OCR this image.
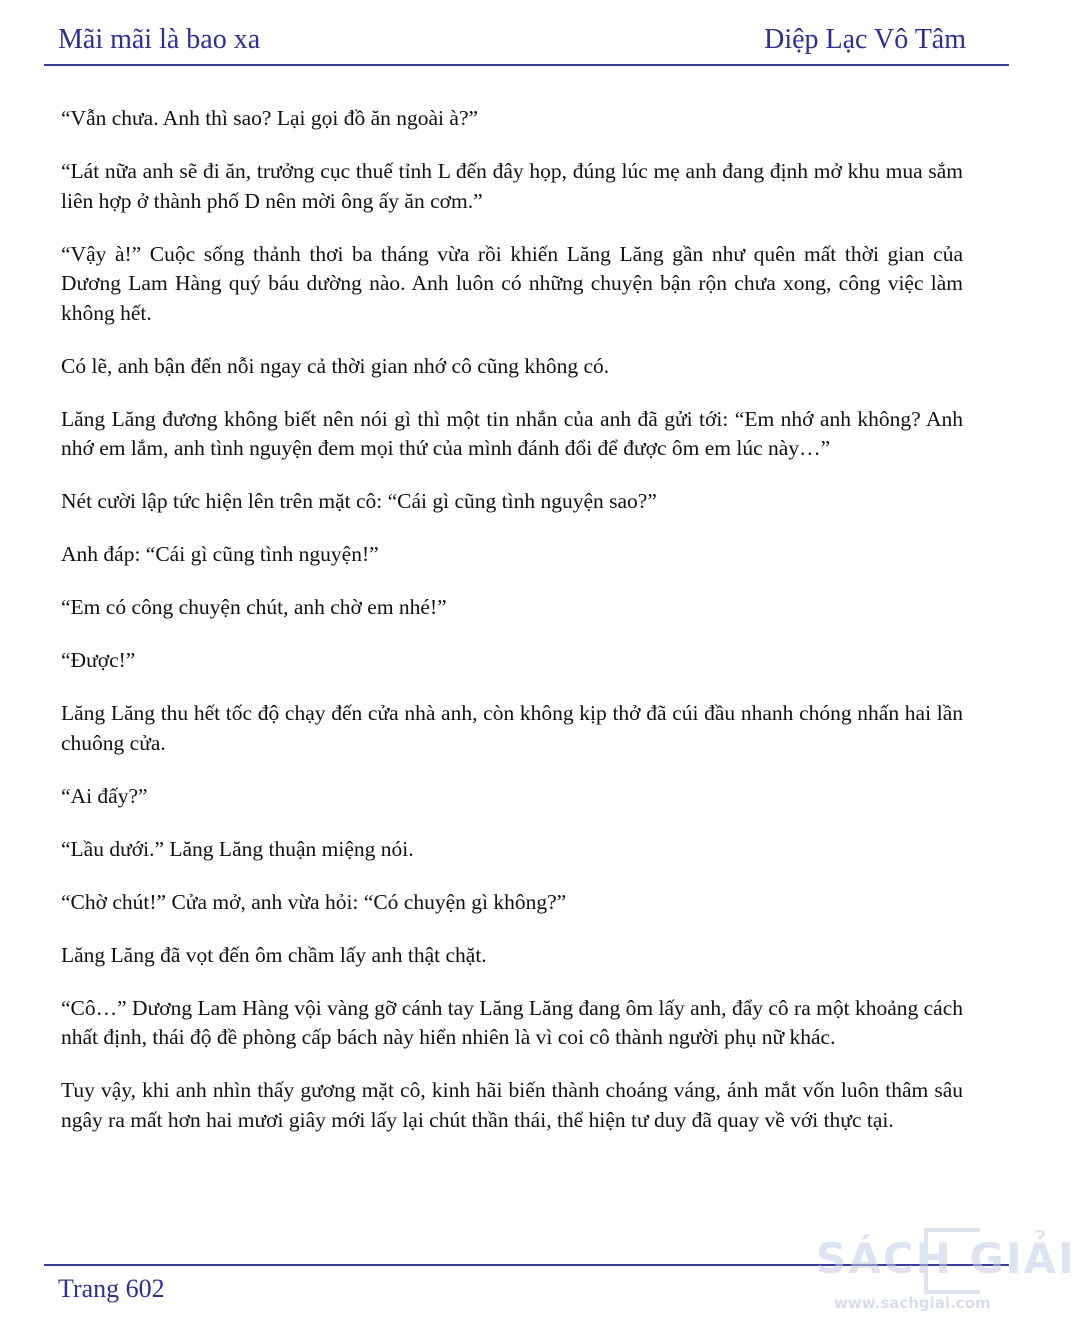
Mãi mãi là bao xa	Diệp Lạc Vô Tâm

“Vẫn chưa. Anh thì sao? Lại gọi đồ ăn ngoài à?”

“Lát nữa anh sẽ đi ăn, trưởng cục thuế tỉnh L đến đây họp, đúng lúc mẹ anh đang định mở khu mua sắm liên hợp ở thành phố D nên mời ông ấy ăn cơm.”

“Vậy à!” Cuộc sống thảnh thơi ba tháng vừa rồi khiến Lăng Lăng gần như quên mất thời gian của Dương Lam Hàng quý báu dường nào. Anh luôn có những chuyện bận rộn chưa xong, công việc làm không hết.

Có lẽ, anh bận đến nỗi ngay cả thời gian nhớ cô cũng không có.

Lăng Lăng đương không biết nên nói gì thì một tin nhắn của anh đã gửi tới: “Em nhớ anh không? Anh nhớ em lắm, anh tình nguyện đem mọi thứ của mình đánh đổi để được ôm em lúc này…”

Nét cười lập tức hiện lên trên mặt cô: “Cái gì cũng tình nguyện sao?”

Anh đáp: “Cái gì cũng tình nguyện!”

“Em có công chuyện chút, anh chờ em nhé!”

“Được!”

Lăng Lăng thu hết tốc độ chạy đến cửa nhà anh, còn không kịp thở đã cúi đầu nhanh chóng nhấn hai lần chuông cửa.

“Ai đấy?”

“Lầu dưới.” Lăng Lăng thuận miệng nói.

“Chờ chút!” Cửa mở, anh vừa hỏi: “Có chuyện gì không?”

Lăng Lăng đã vọt đến ôm chầm lấy anh thật chặt.

“Cô…” Dương Lam Hàng vội vàng gỡ cánh tay Lăng Lăng đang ôm lấy anh, đẩy cô ra một khoảng cách nhất định, thái độ đề phòng cấp bách này hiển nhiên là vì coi cô thành người phụ nữ khác.

Tuy vậy, khi anh nhìn thấy gương mặt cô, kinh hãi biến thành choáng váng, ánh mắt vốn luôn thâm sâu ngây ra mất hơn hai mươi giây mới lấy lại chút thần thái, thể hiện tư duy đã quay về với thực tại.

Trang 602
SÁCH GIẢI
www.sachgiai.com
